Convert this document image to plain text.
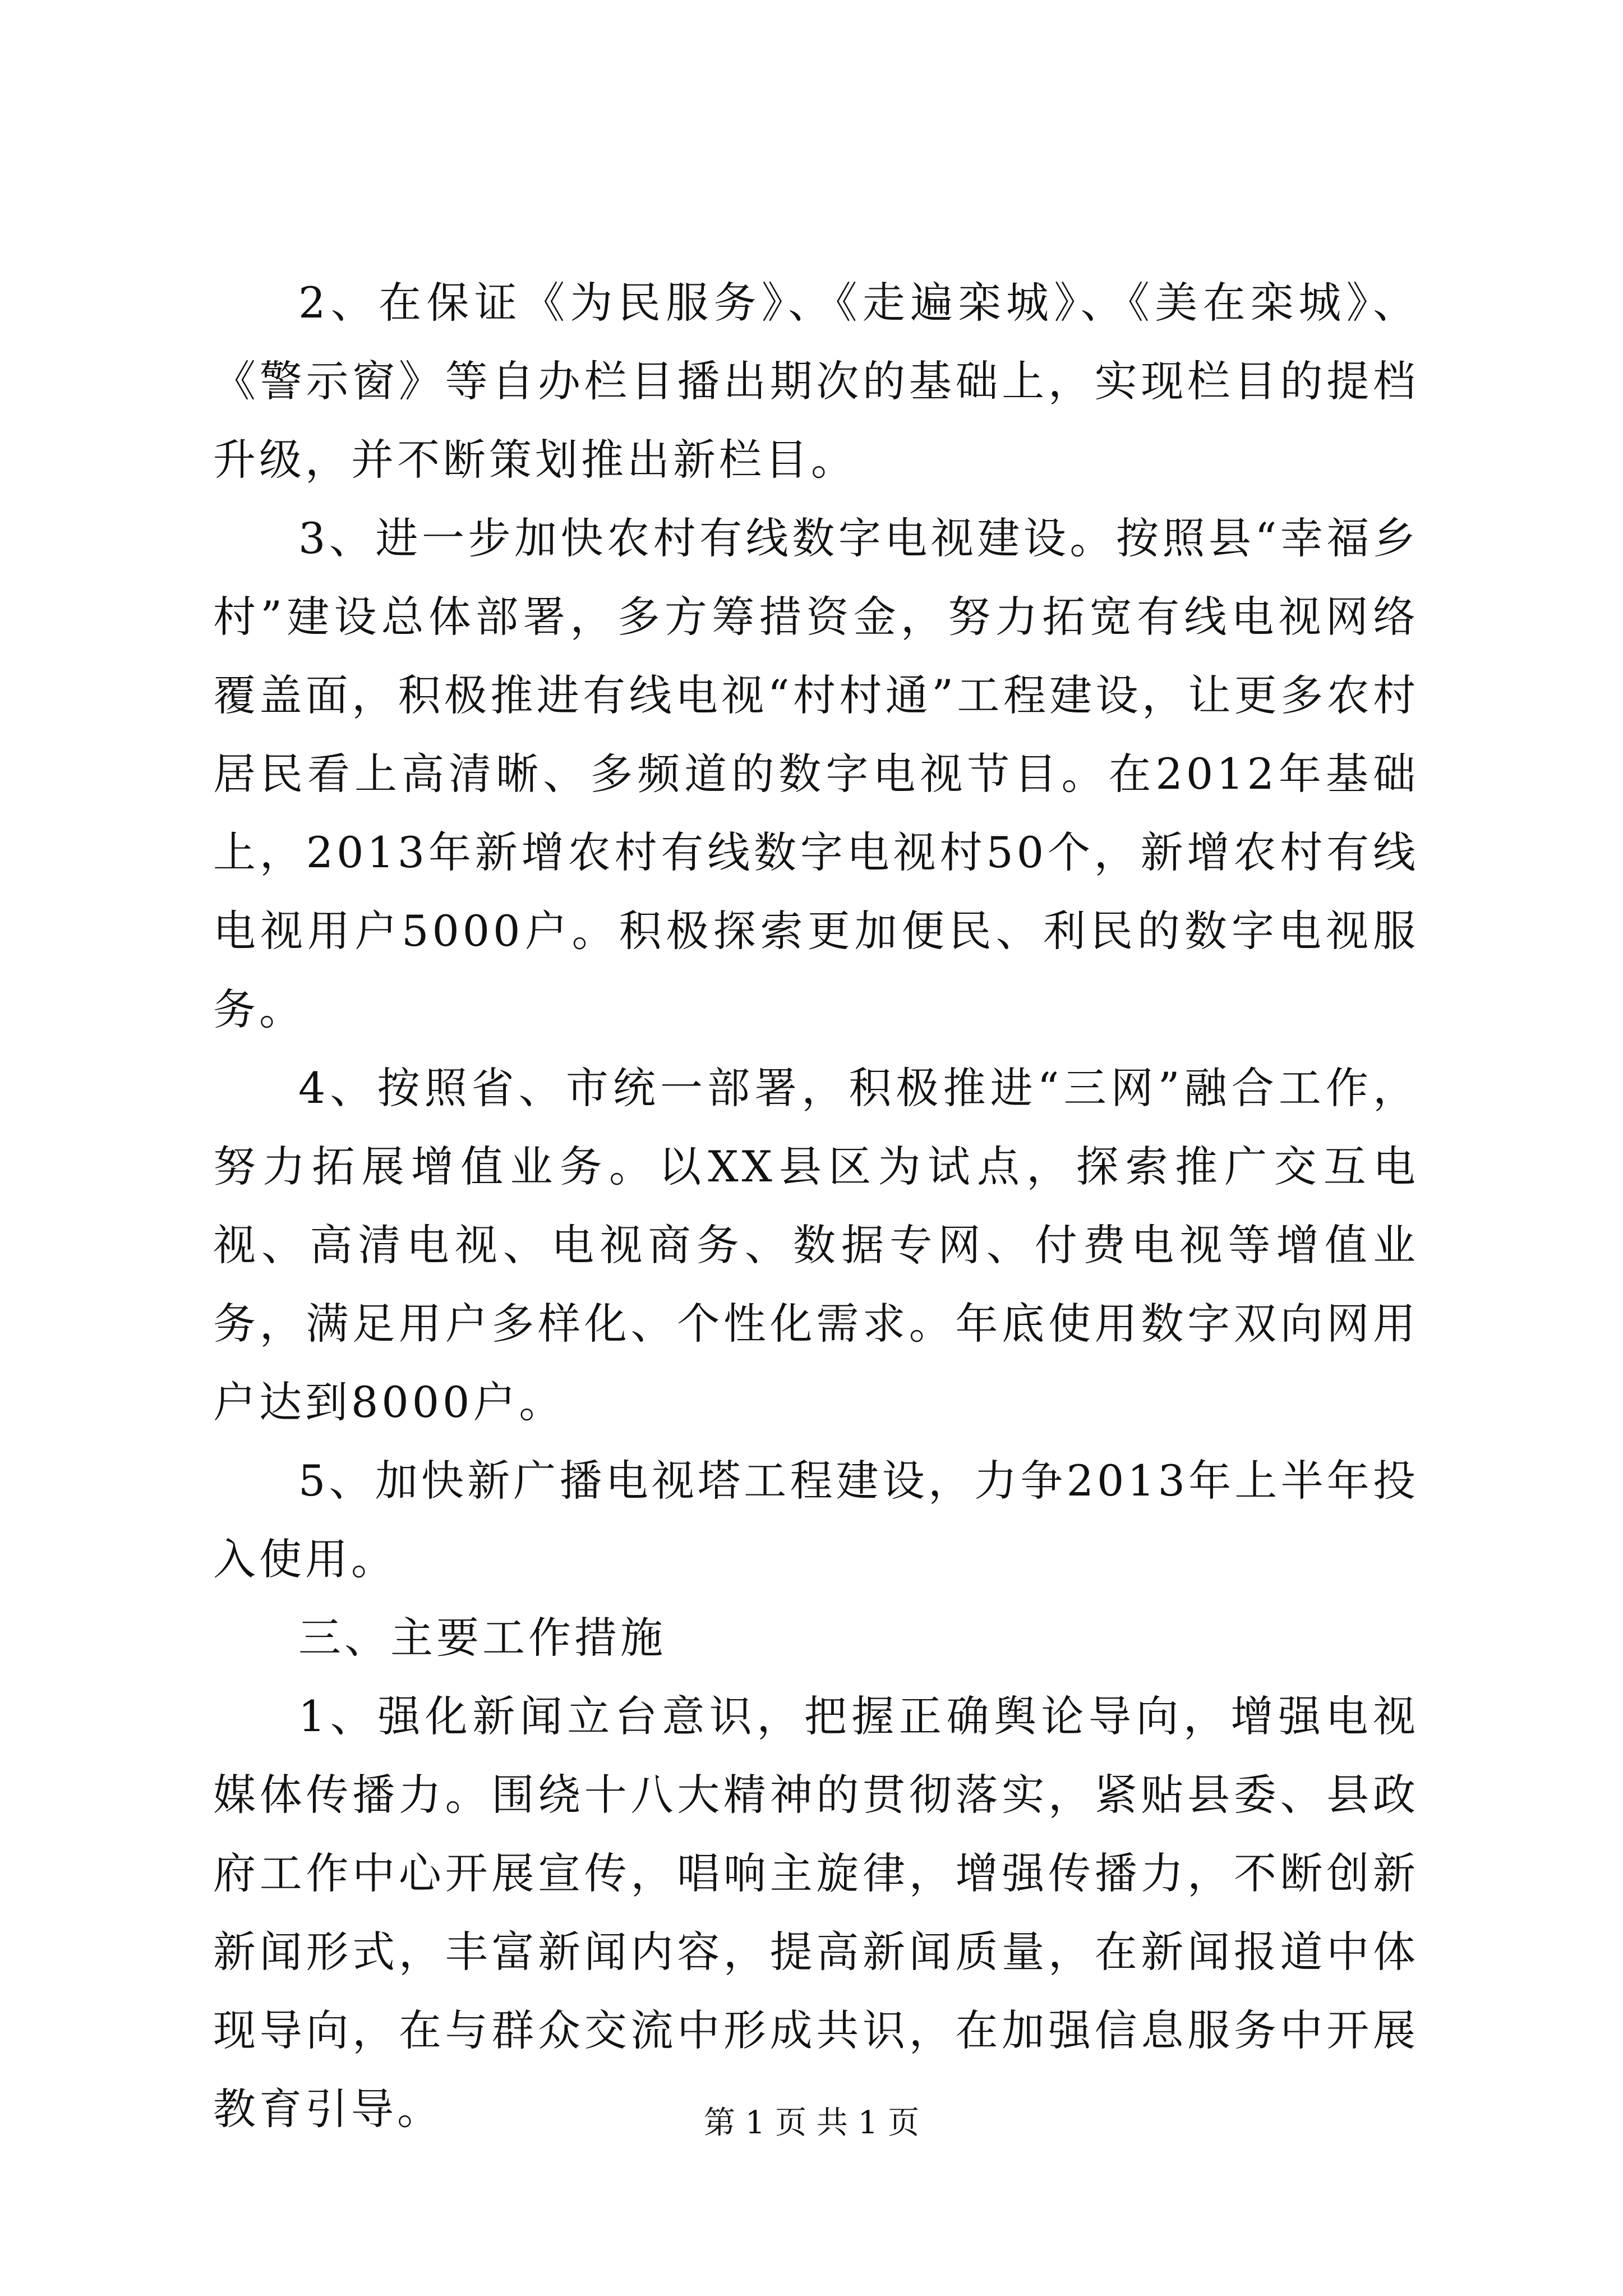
2、在保证《为民服务》、《走遍栾城》、《美在栾城》、《警示窗》等自办栏目播出期次的基础上，实现栏目的提档升级，并不断策划推出新栏目。

3、进一步加快农村有线数字电视建设。按照县“幸福乡村”建设总体部署，多方筹措资金，努力拓宽有线电视网络覆盖面，积极推进有线电视“村村通”工程建设，让更多农村居民看上高清晰、多频道的数字电视节目。在2012年基础上，2013年新增农村有线数字电视村50个，新增农村有线电视用户5000户。积极探索更加便民、利民的数字电视服务。

4、按照省、市统一部署，积极推进“三网”融合工作，努力拓展增值业务。以XX县区为试点，探索推广交互电视、高清电视、电视商务、数据专网、付费电视等增值业务，满足用户多样化、个性化需求。年底使用数字双向网用户达到8000户。

5、加快新广播电视塔工程建设，力争2013年上半年投入使用。

三、主要工作措施

1、强化新闻立台意识，把握正确舆论导向，增强电视媒体传播力。围绕十八大精神的贯彻落实，紧贴县委、县政府工作中心开展宣传，唱响主旋律，增强传播力，不断创新新闻形式，丰富新闻内容，提高新闻质量，在新闻报道中体现导向，在与群众交流中形成共识，在加强信息服务中开展教育引导。	第 1 页 共 1 页
